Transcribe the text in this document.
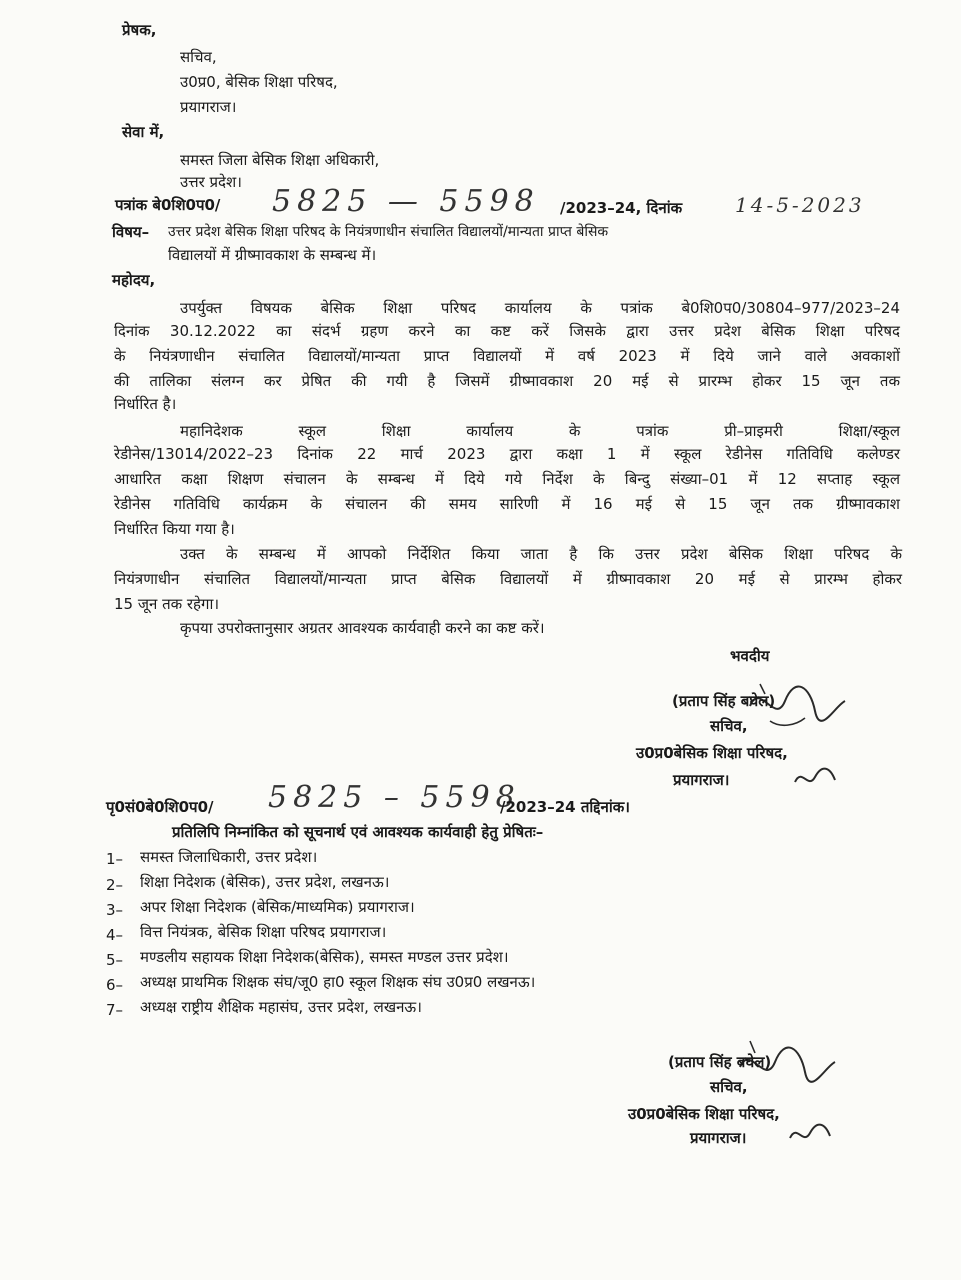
प्रेषक,
सचिव,
उ0प्र0, बेसिक शिक्षा परिषद,
प्रयागराज।
सेवा में,
समस्त जिला बेसिक शिक्षा अधिकारी,
उत्तर प्रदेश।
पत्रांक बे0शि0प0/ 5825 — 5598 /2023–24, दिनांक	14-5-2023
विषय– उत्तर प्रदेश बेसिक शिक्षा परिषद के नियंत्रणाधीन संचालित विद्यालयों/मान्यता प्राप्त बेसिक
विद्यालयों में ग्रीष्मावकाश के सम्बन्ध में।
महोदय,
उपर्युक्त विषयक बेसिक शिक्षा परिषद कार्यालय के पत्रांक बे0शि0प0/30804–977/2023–24
दिनांक 30.12.2022 का संदर्भ ग्रहण करने का कष्ट करें जिसके द्वारा उत्तर प्रदेश बेसिक शिक्षा परिषद
के नियंत्रणाधीन संचालित विद्यालयों/मान्यता प्राप्त विद्यालयों में वर्ष 2023 में दिये जाने वाले अवकाशों
की तालिका संलग्न कर प्रेषित की गयी है जिसमें ग्रीष्मावकाश 20 मई से प्रारम्भ होकर 15 जून तक
निर्धारित है।
महानिदेशक स्कूल शिक्षा कार्यालय के पत्रांक प्री–प्राइमरी शिक्षा/स्कूल
रेडीनेस/13014/2022–23 दिनांक 22 मार्च 2023 द्वारा कक्षा 1 में स्कूल रेडीनेस गतिविधि कलेण्डर
आधारित कक्षा शिक्षण संचालन के सम्बन्ध में दिये गये निर्देश के बिन्दु संख्या–01 में 12 सप्ताह स्कूल
रेडीनेस गतिविधि कार्यक्रम के संचालन की समय सारिणी में 16 मई से 15 जून तक ग्रीष्मावकाश
निर्धारित किया गया है।
उक्त के सम्बन्ध में आपको निर्देशित किया जाता है कि उत्तर प्रदेश बेसिक शिक्षा परिषद के
नियंत्रणाधीन संचालित विद्यालयों/मान्यता प्राप्त बेसिक विद्यालयों में ग्रीष्मावकाश 20 मई से प्रारम्भ होकर
15 जून तक रहेगा।
कृपया उपरोक्तानुसार अग्रतर आवश्यक कार्यवाही करने का कष्ट करें।
भवदीय
(प्रताप सिंह बघेल)
सचिव,
उ0प्र0बेसिक शिक्षा परिषद,
प्रयागराज।
पृ0सं0बे0शि0प0/ 5825 – 5598
/2023–24 तद्दिनांक।
प्रतिलिपि निम्नांकित को सूचनार्थ एवं आवश्यक कार्यवाही हेतु प्रेषितः–
1– समस्त जिलाधिकारी, उत्तर प्रदेश।
2– शिक्षा निदेशक (बेसिक), उत्तर प्रदेश, लखनऊ।
3– अपर शिक्षा निदेशक (बेसिक/माध्यमिक) प्रयागराज।
4– वित्त नियंत्रक, बेसिक शिक्षा परिषद प्रयागराज।
5– मण्डलीय सहायक शिक्षा निदेशक(बेसिक), समस्त मण्डल उत्तर प्रदेश।
6– अध्यक्ष प्राथमिक शिक्षक संघ/जू0 हा0 स्कूल शिक्षक संघ उ0प्र0 लखनऊ।
7– अध्यक्ष राष्ट्रीय शैक्षिक महासंघ, उत्तर प्रदेश, लखनऊ।
(प्रताप सिंह बघेल)
सचिव,
उ0प्र0बेसिक शिक्षा परिषद,
प्रयागराज।
